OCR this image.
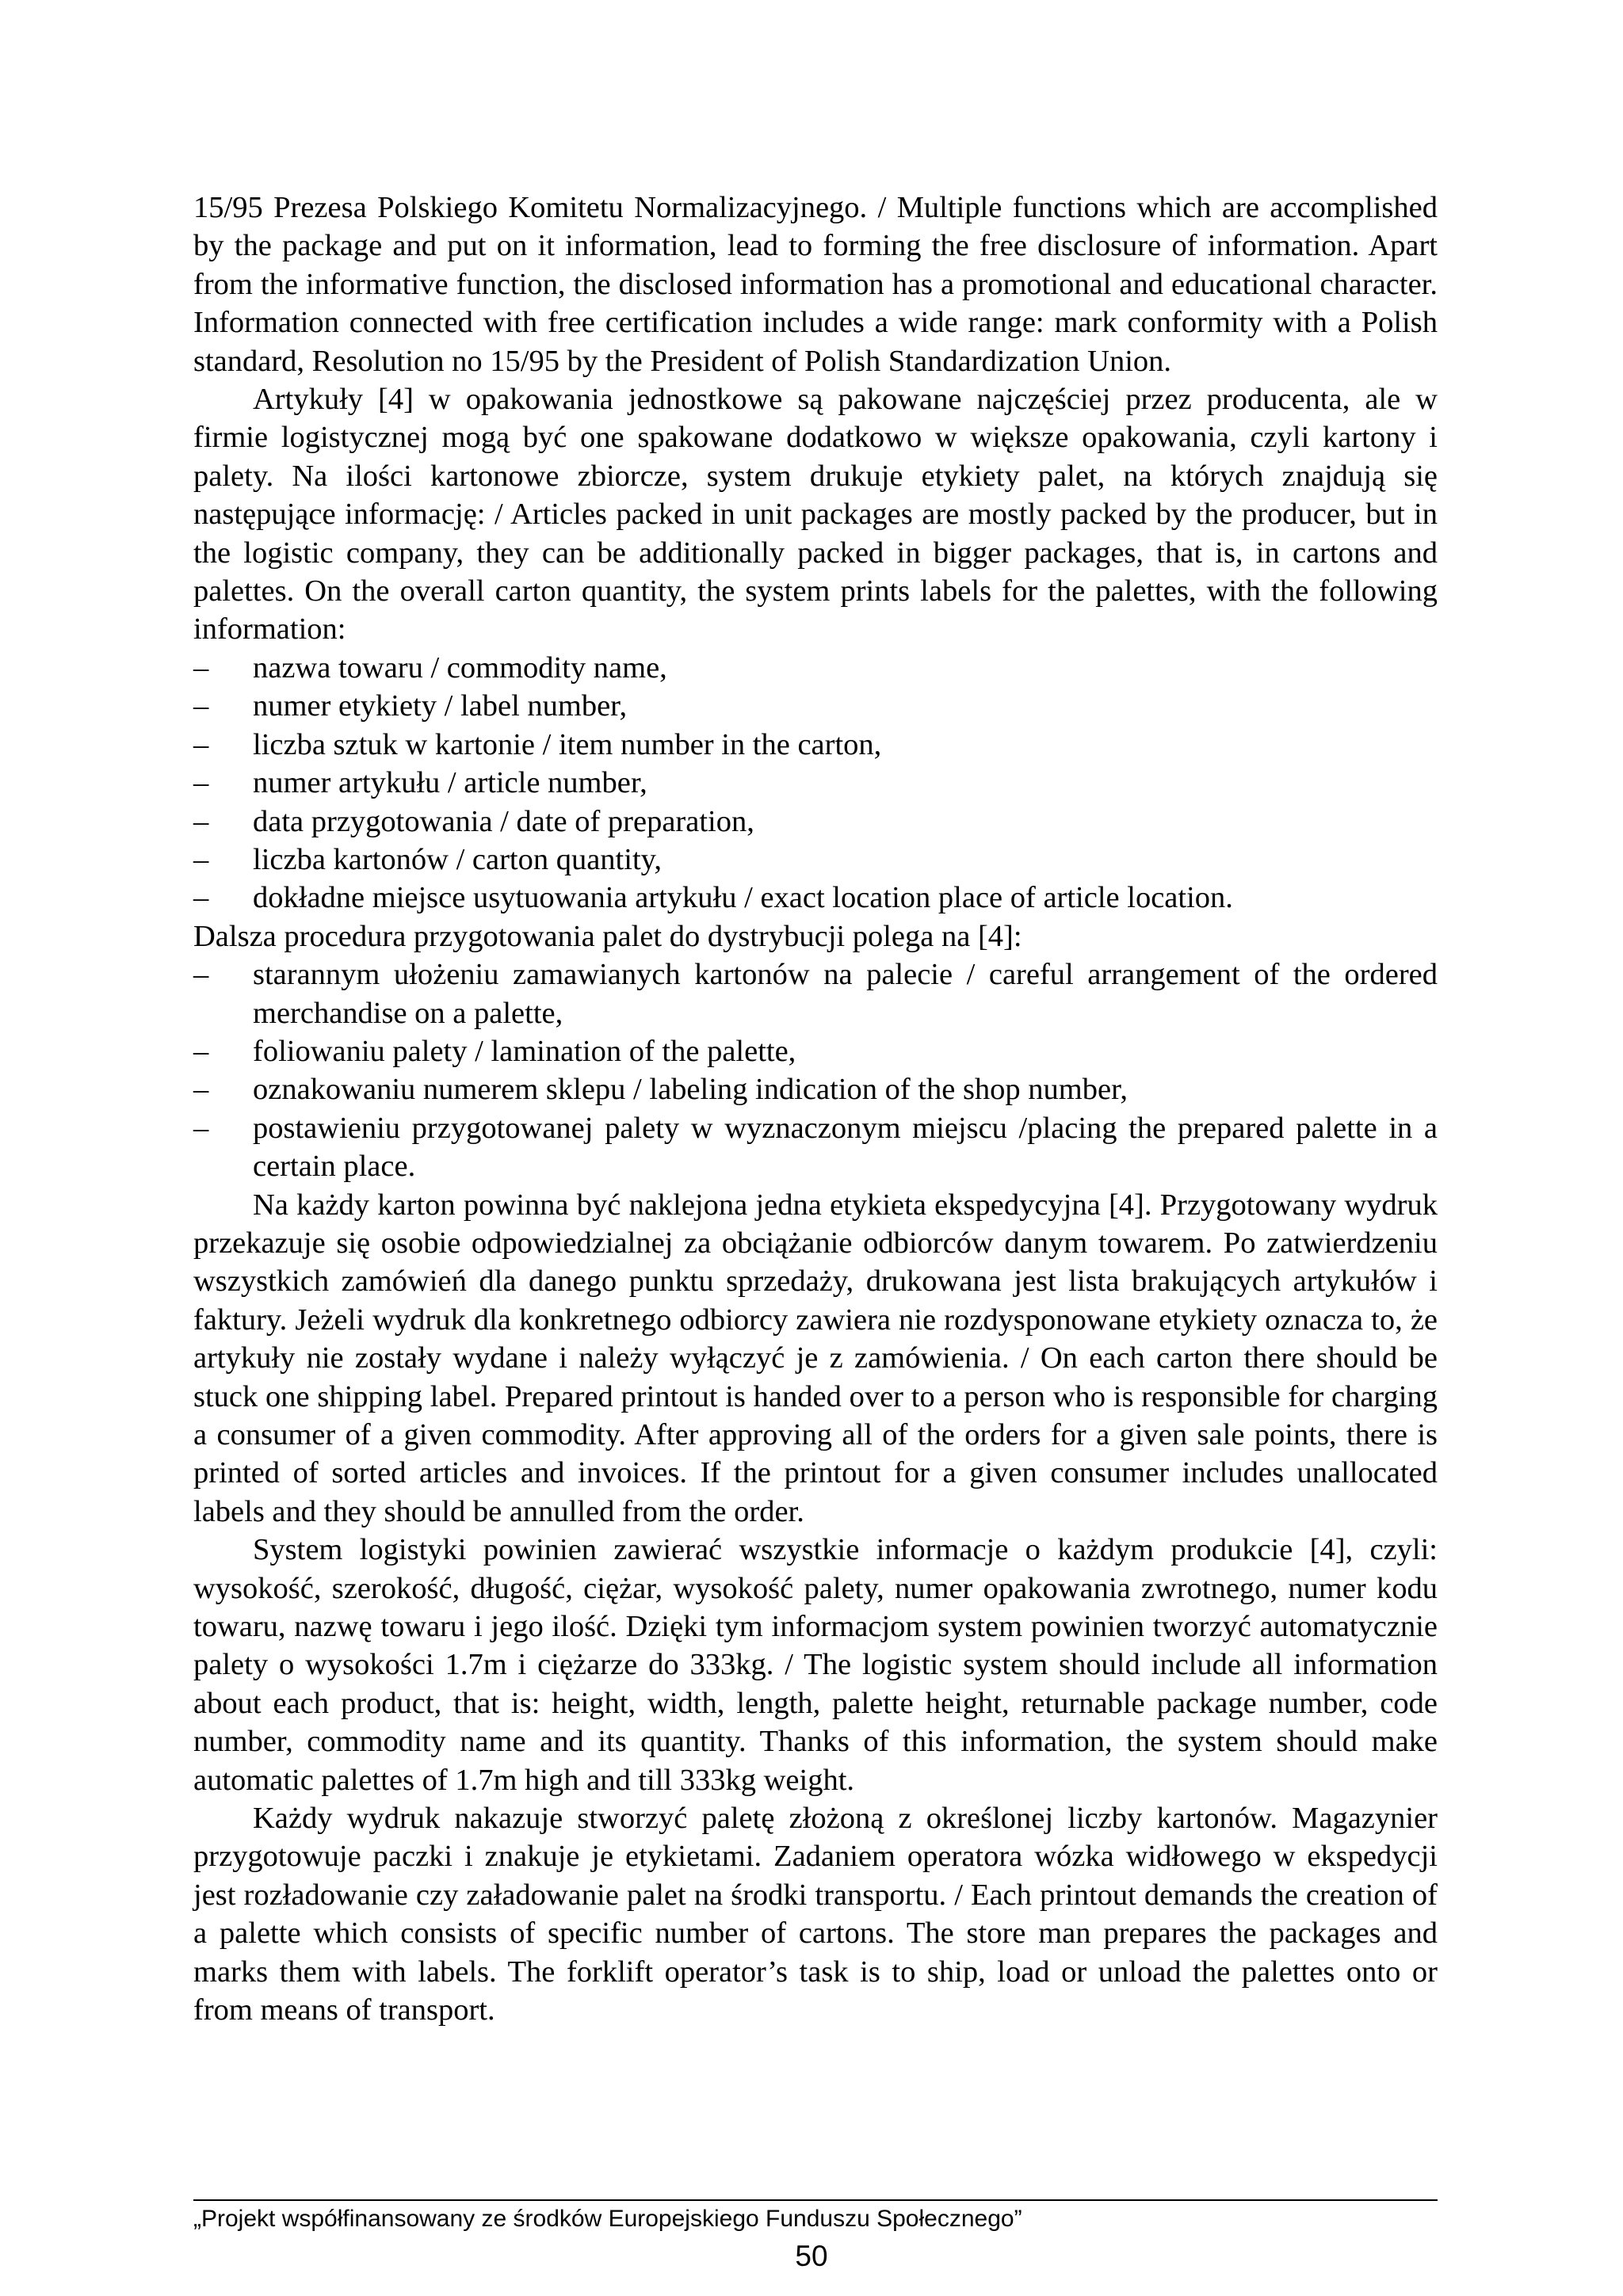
15/95 Prezesa Polskiego Komitetu Normalizacyjnego. / Multiple functions which are accomplished by the package and put on it information, lead to forming the free disclosure of information. Apart from the informative function, the disclosed information has a promotional and educational character. Information connected with free certification includes a wide range: mark conformity with a Polish standard, Resolution no 15/95 by the President of Polish Standardization Union.

Artykuły [4] w opakowania jednostkowe są pakowane najczęściej przez producenta, ale w firmie logistycznej mogą być one spakowane dodatkowo w większe opakowania, czyli kartony i palety. Na ilości kartonowe zbiorcze, system drukuje etykiety palet, na których znajdują się następujące informację: / Articles packed in unit packages are mostly packed by the producer, but in the logistic company, they can be additionally packed in bigger packages, that is, in cartons and palettes. On the overall carton quantity, the system prints labels for the palettes, with the following information:

– nazwa towaru / commodity name,
– numer etykiety / label number,
– liczba sztuk w kartonie / item number in the carton,
– numer artykułu / article number,
– data przygotowania / date of preparation,
– liczba kartonów / carton quantity,
– dokładne miejsce usytuowania artykułu / exact location place of article location.

Dalsza procedura przygotowania palet do dystrybucji polega na [4]:

– starannym ułożeniu zamawianych kartonów na palecie / careful arrangement of the ordered merchandise on a palette,
– foliowaniu palety / lamination of the palette,
– oznakowaniu numerem sklepu / labeling indication of the shop number,
– postawieniu przygotowanej palety w wyznaczonym miejscu /placing the prepared palette in a certain place.

Na każdy karton powinna być naklejona jedna etykieta ekspedycyjna [4]. Przygotowany wydruk przekazuje się osobie odpowiedzialnej za obciążanie odbiorców danym towarem. Po zatwierdzeniu wszystkich zamówień dla danego punktu sprzedaży, drukowana jest lista brakujących artykułów i faktury. Jeżeli wydruk dla konkretnego odbiorcy zawiera nie rozdysponowane etykiety oznacza to, że artykuły nie zostały wydane i należy wyłączyć je z zamówienia. / On each carton there should be stuck one shipping label. Prepared printout is handed over to a person who is responsible for charging a consumer of a given commodity. After approving all of the orders for a given sale points, there is printed of sorted articles and invoices. If the printout for a given consumer includes unallocated labels and they should be annulled from the order.

System logistyki powinien zawierać wszystkie informacje o każdym produkcie [4], czyli: wysokość, szerokość, długość, ciężar, wysokość palety, numer opakowania zwrotnego, numer kodu towaru, nazwę towaru i jego ilość. Dzięki tym informacjom system powinien tworzyć automatycznie palety o wysokości 1.7m i ciężarze do 333kg. / The logistic system should include all information about each product, that is: height, width, length, palette height, returnable package number, code number, commodity name and its quantity. Thanks of this information, the system should make automatic palettes of 1.7m high and till 333kg weight.

Każdy wydruk nakazuje stworzyć paletę złożoną z określonej liczby kartonów. Magazynier przygotowuje paczki i znakuje je etykietami. Zadaniem operatora wózka widłowego w ekspedycji jest rozładowanie czy załadowanie palet na środki transportu. / Each printout demands the creation of a palette which consists of specific number of cartons. The store man prepares the packages and marks them with labels. The forklift operator’s task is to ship, load or unload the palettes onto or from means of transport.

„Projekt współfinansowany ze środków Europejskiego Funduszu Społecznego”
50
